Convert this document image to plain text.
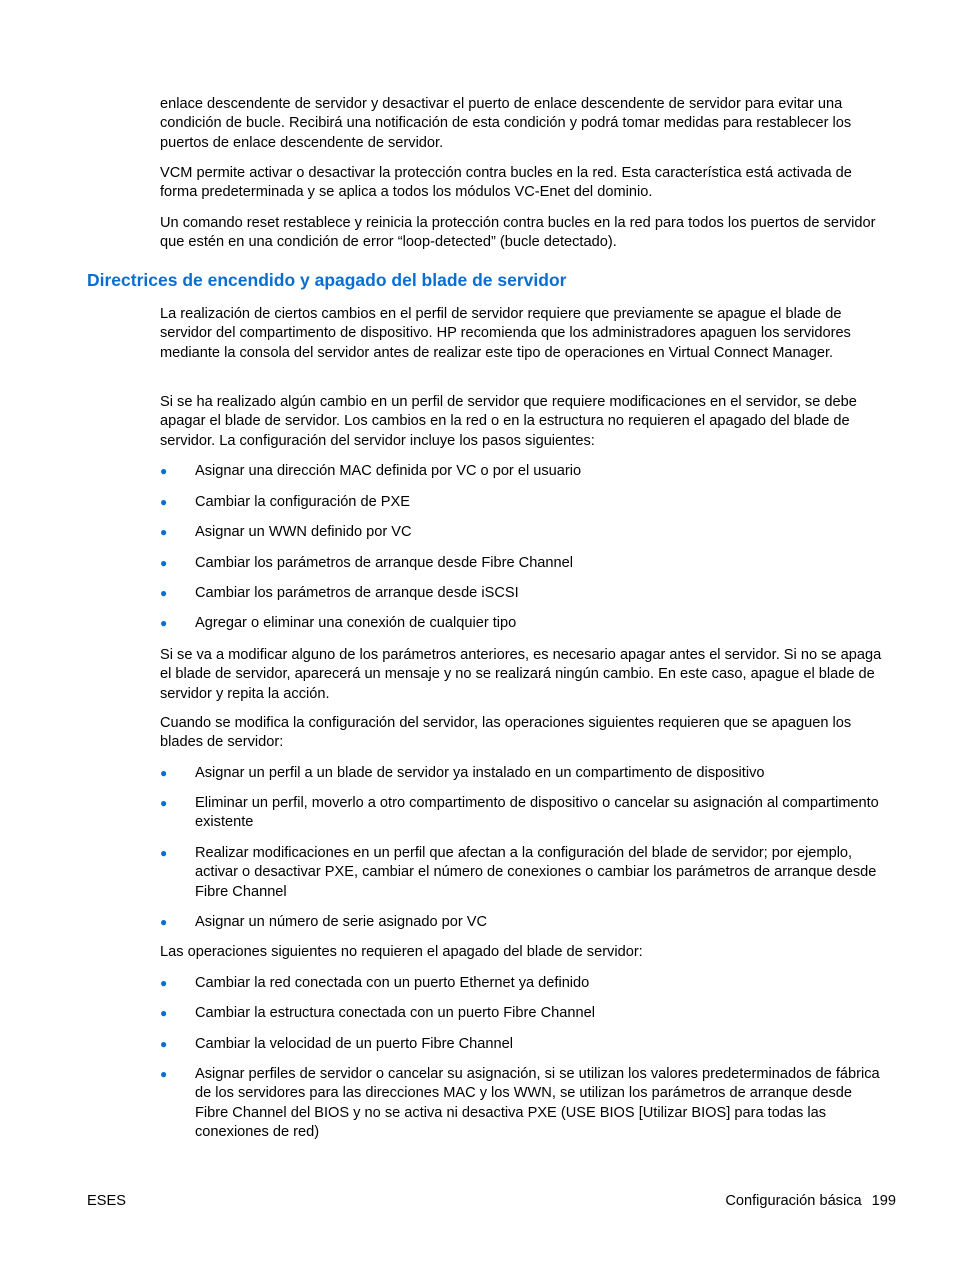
enlace descendente de servidor y desactivar el puerto de enlace descendente de servidor para evitar una condición de bucle. Recibirá una notificación de esta condición y podrá tomar medidas para restablecer los puertos de enlace descendente de servidor.

VCM permite activar o desactivar la protección contra bucles en la red. Esta característica está activada de forma predeterminada y se aplica a todos los módulos VC-Enet del dominio.

Un comando reset restablece y reinicia la protección contra bucles en la red para todos los puertos de servidor que estén en una condición de error “loop-detected” (bucle detectado).

Directrices de encendido y apagado del blade de servidor

La realización de ciertos cambios en el perfil de servidor requiere que previamente se apague el blade de servidor del compartimento de dispositivo. HP recomienda que los administradores apaguen los servidores mediante la consola del servidor antes de realizar este tipo de operaciones en Virtual Connect Manager.

Si se ha realizado algún cambio en un perfil de servidor que requiere modificaciones en el servidor, se debe apagar el blade de servidor. Los cambios en la red o en la estructura no requieren el apagado del blade de servidor. La configuración del servidor incluye los pasos siguientes:

● Asignar una dirección MAC definida por VC o por el usuario
● Cambiar la configuración de PXE
● Asignar un WWN definido por VC
● Cambiar los parámetros de arranque desde Fibre Channel
● Cambiar los parámetros de arranque desde iSCSI
● Agregar o eliminar una conexión de cualquier tipo

Si se va a modificar alguno de los parámetros anteriores, es necesario apagar antes el servidor. Si no se apaga el blade de servidor, aparecerá un mensaje y no se realizará ningún cambio. En este caso, apague el blade de servidor y repita la acción.

Cuando se modifica la configuración del servidor, las operaciones siguientes requieren que se apaguen los blades de servidor:

● Asignar un perfil a un blade de servidor ya instalado en un compartimento de dispositivo
● Eliminar un perfil, moverlo a otro compartimento de dispositivo o cancelar su asignación al compartimento existente
● Realizar modificaciones en un perfil que afectan a la configuración del blade de servidor; por ejemplo, activar o desactivar PXE, cambiar el número de conexiones o cambiar los parámetros de arranque desde Fibre Channel
● Asignar un número de serie asignado por VC

Las operaciones siguientes no requieren el apagado del blade de servidor:

● Cambiar la red conectada con un puerto Ethernet ya definido
● Cambiar la estructura conectada con un puerto Fibre Channel
● Cambiar la velocidad de un puerto Fibre Channel
● Asignar perfiles de servidor o cancelar su asignación, si se utilizan los valores predeterminados de fábrica de los servidores para las direcciones MAC y los WWN, se utilizan los parámetros de arranque desde Fibre Channel del BIOS y no se activa ni desactiva PXE (USE BIOS [Utilizar BIOS] para todas las conexiones de red)
ESES	Configuración básica 199
